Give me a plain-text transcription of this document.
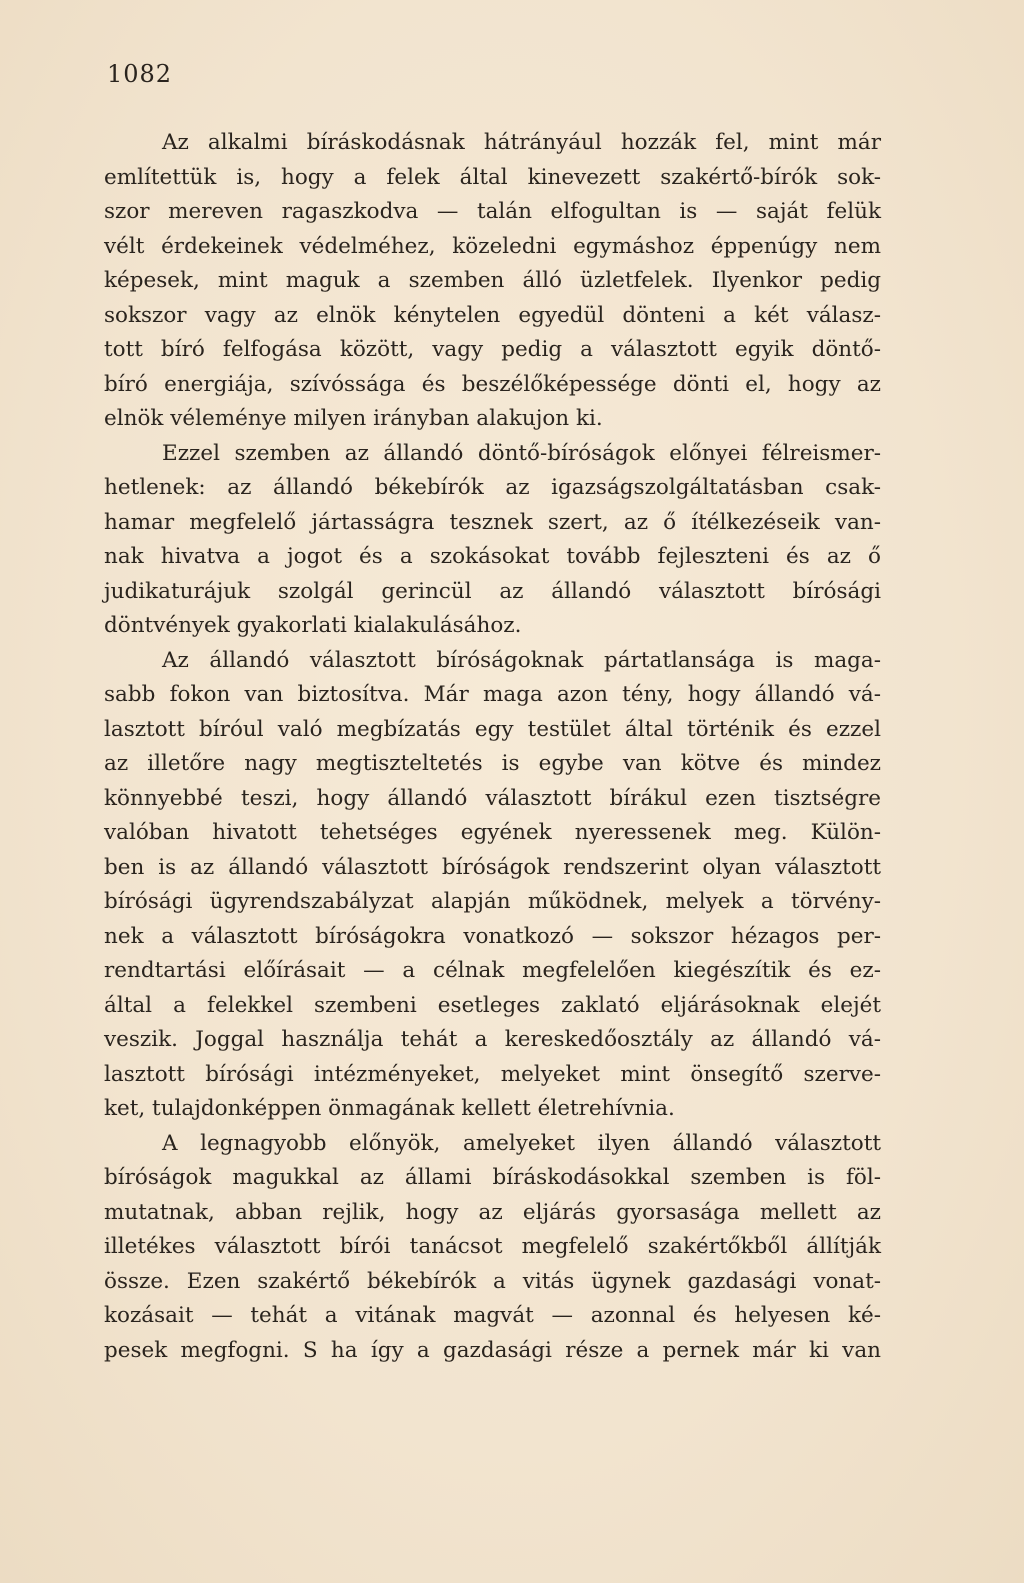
1082
Az alkalmi bíráskodásnak hátrányául hozzák fel, mint már
említettük is, hogy a felek által kinevezett szakértő-bírók sok-
szor mereven ragaszkodva — talán elfogultan is — saját felük
vélt érdekeinek védelméhez, közeledni egymáshoz éppenúgy nem
képesek, mint maguk a szemben álló üzletfelek. Ilyenkor pedig
sokszor vagy az elnök kénytelen egyedül dönteni a két válasz-
tott bíró felfogása között, vagy pedig a választott egyik döntő-
bíró energiája, szívóssága és beszélőképessége dönti el, hogy az
elnök véleménye milyen irányban alakujon ki.
Ezzel szemben az állandó döntő-bíróságok előnyei félreismer-
hetlenek: az állandó békebírók az igazságszolgáltatásban csak-
hamar megfelelő jártasságra tesznek szert, az ő ítélkezéseik van-
nak hivatva a jogot és a szokásokat tovább fejleszteni és az ő
judikaturájuk szolgál gerincül az állandó választott bírósági
döntvények gyakorlati kialakulásához.
Az állandó választott bíróságoknak pártatlansága is maga-
sabb fokon van biztosítva. Már maga azon tény, hogy állandó vá-
lasztott bíróul való megbízatás egy testület által történik és ezzel
az illetőre nagy megtiszteltetés is egybe van kötve és mindez
könnyebbé teszi, hogy állandó választott bírákul ezen tisztségre
valóban hivatott tehetséges egyének nyeressenek meg. Külön-
ben is az állandó választott bíróságok rendszerint olyan választott
bírósági ügyrendszabályzat alapján működnek, melyek a törvény-
nek a választott bíróságokra vonatkozó — sokszor hézagos per-
rendtartási előírásait — a célnak megfelelően kiegészítik és ez-
által a felekkel szembeni esetleges zaklató eljárásoknak elejét
veszik. Joggal használja tehát a kereskedőosztály az állandó vá-
lasztott bírósági intézményeket, melyeket mint önsegítő szerve-
ket, tulajdonképpen önmagának kellett életrehívnia.
A legnagyobb előnyök, amelyeket ilyen állandó választott
bíróságok magukkal az állami bíráskodásokkal szemben is föl-
mutatnak, abban rejlik, hogy az eljárás gyorsasága mellett az
illetékes választott bírói tanácsot megfelelő szakértőkből állítják
össze. Ezen szakértő békebírók a vitás ügynek gazdasági vonat-
kozásait — tehát a vitának magvát — azonnal és helyesen ké-
pesek megfogni. S ha így a gazdasági része a pernek már ki van
